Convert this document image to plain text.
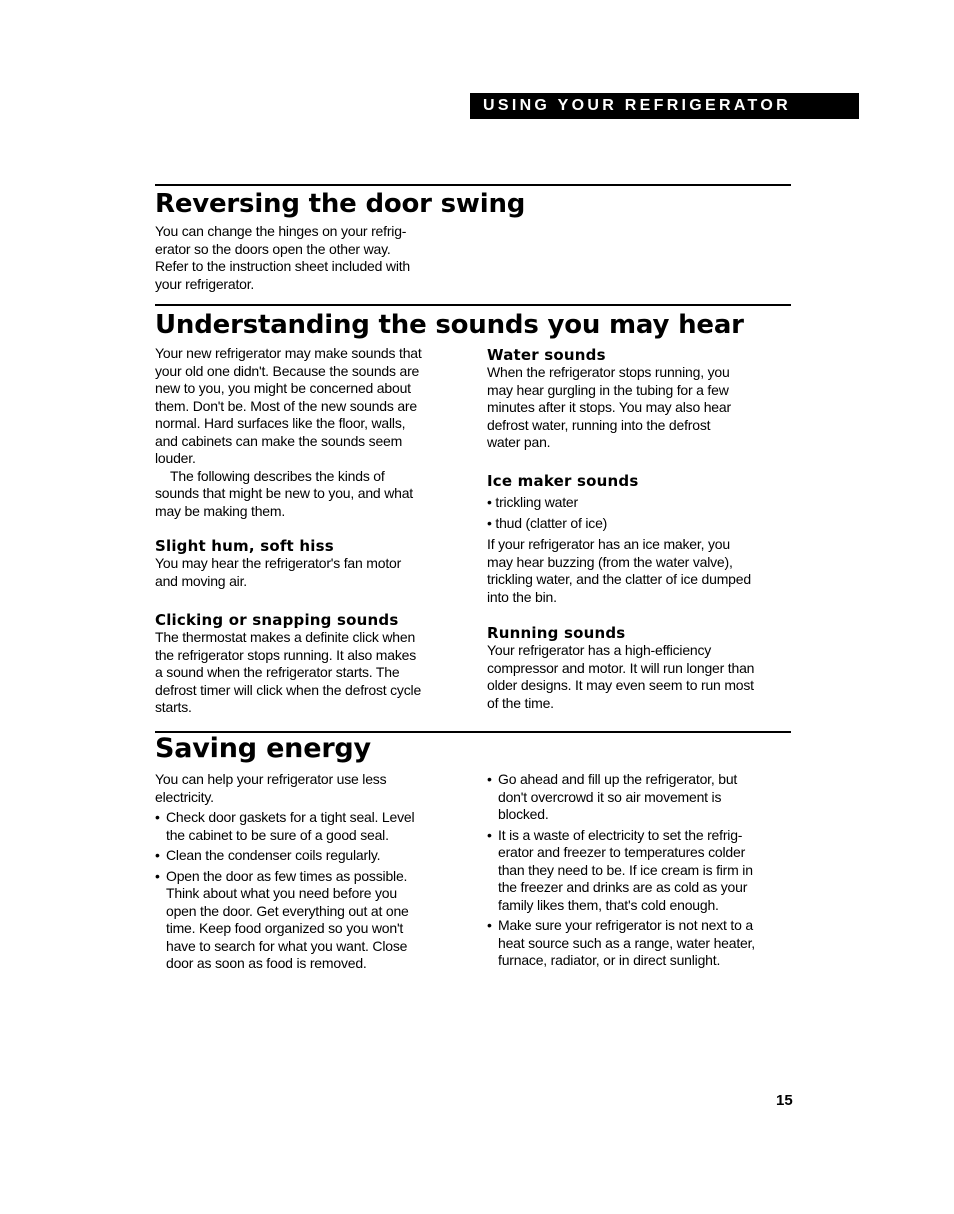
USING YOUR REFRIGERATOR
Reversing the door swing

You can change the hinges on your refrig-

erator so the doors open the other way.

Refer to the instruction sheet included with

your refrigerator.

Understanding the sounds you may hear

Your new refrigerator may make sounds that

your old one didn't. Because the sounds are

new to you, you might be concerned about

them. Don't be. Most of the new sounds are

normal. Hard surfaces like the floor, walls,

and cabinets can make the sounds seem

louder.

The following describes the kinds of

sounds that might be new to you, and what

may be making them.

Slight hum, soft hiss

You may hear the refrigerator's fan motor

and moving air.

Clicking or snapping sounds

The thermostat makes a definite click when

the refrigerator stops running. It also makes

a sound when the refrigerator starts. The

defrost timer will click when the defrost cycle

starts.

Water sounds

When the refrigerator stops running, you

may hear gurgling in the tubing for a few

minutes after it stops. You may also hear

defrost water, running into the defrost

water pan.

Ice maker sounds
• trickling water
• thud (clatter of ice)

If your refrigerator has an ice maker, you

may hear buzzing (from the water valve),

trickling water, and the clatter of ice dumped

into the bin.

Running sounds

Your refrigerator has a high-efficiency

compressor and motor. It will run longer than

older designs. It may even seem to run most

of the time.

Saving energy

You can help your refrigerator use less

electricity.

• Check door gaskets for a tight seal. Level
the cabinet to be sure of a good seal.
• Clean the condenser coils regularly.
• Open the door as few times as possible.
Think about what you need before you
open the door. Get everything out at one
time. Keep food organized so you won't
have to search for what you want. Close
door as soon as food is removed.
• Go ahead and fill up the refrigerator, but
don't overcrowd it so air movement is
blocked.
• It is a waste of electricity to set the refrig-
erator and freezer to temperatures colder
than they need to be. If ice cream is firm in
the freezer and drinks are as cold as your
family likes them, that's cold enough.
• Make sure your refrigerator is not next to a
heat source such as a range, water heater,
furnace, radiator, or in direct sunlight.
15
